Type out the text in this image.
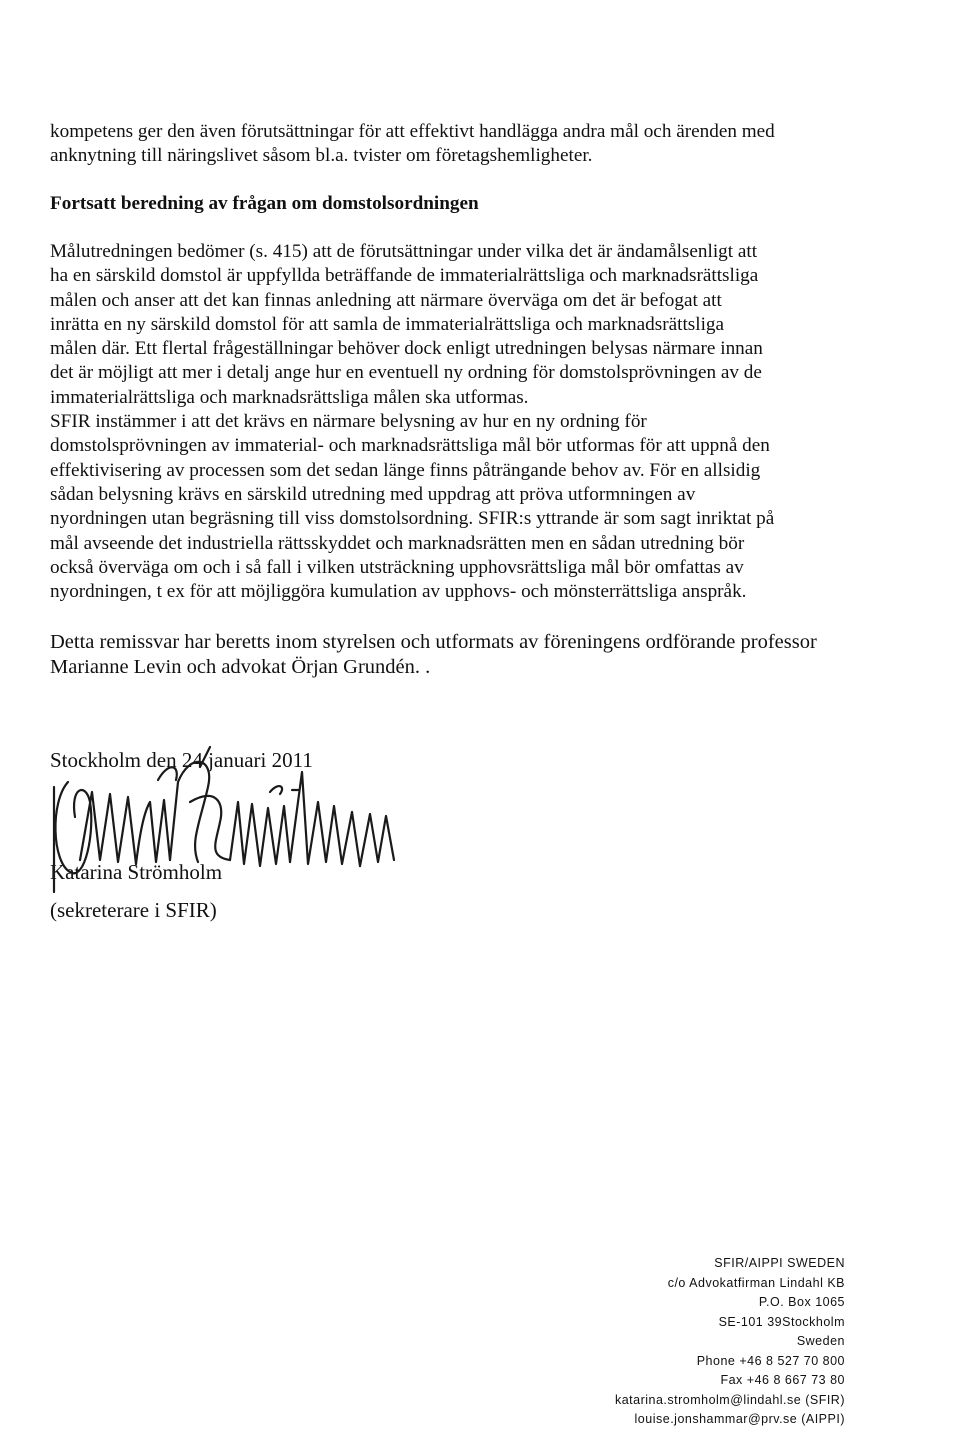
kompetens ger den även förutsättningar för att effektivt handlägga andra mål och ärenden med
anknytning till näringslivet såsom bl.a. tvister om företagshemligheter.
Fortsatt beredning av frågan om domstolsordningen
Målutredningen bedömer (s. 415) att de förutsättningar under vilka det är ändamålsenligt att
ha en särskild domstol är uppfyllda beträffande de immaterialrättsliga och marknadsrättsliga
målen och anser att det kan finnas anledning att närmare överväga om det är befogat att
inrätta en ny särskild domstol för att samla de immaterialrättsliga och marknadsrättsliga
målen där. Ett flertal frågeställningar behöver dock enligt utredningen belysas närmare innan
det är möjligt att mer i detalj ange hur en eventuell ny ordning för domstolsprövningen av de
immaterialrättsliga och marknadsrättsliga målen ska utformas.
SFIR instämmer i att det krävs en närmare belysning av hur en ny ordning för
domstolsprövningen av immaterial- och marknadsrättsliga mål bör utformas för att uppnå den
effektivisering av processen som det sedan länge finns påträngande behov av. För en allsidig
sådan belysning krävs en särskild utredning med uppdrag att pröva utformningen av
nyordningen utan begräsning till viss domstolsordning. SFIR:s yttrande är som sagt inriktat på
mål avseende det industriella rättsskyddet och marknadsrätten men en sådan utredning bör
också överväga om och i så fall i vilken utsträckning upphovsrättsliga mål bör omfattas av
nyordningen, t ex för att möjliggöra kumulation av upphovs- och mönsterrättsliga anspråk.
Detta remissvar har beretts inom styrelsen och utformats av föreningens ordförande professor
Marianne Levin och advokat Örjan Grundén. .
Stockholm den 24 januari 2011
Katarina Strömholm
(sekreterare i SFIR)
SFIR/AIPPI SWEDEN
c/o Advokatfirman Lindahl KB
P.O. Box 1065
SE-101 39Stockholm
Sweden
Phone +46 8 527 70 800
Fax +46 8 667 73 80
katarina.stromholm@lindahl.se (SFIR)
louise.jonshammar@prv.se (AIPPI)
